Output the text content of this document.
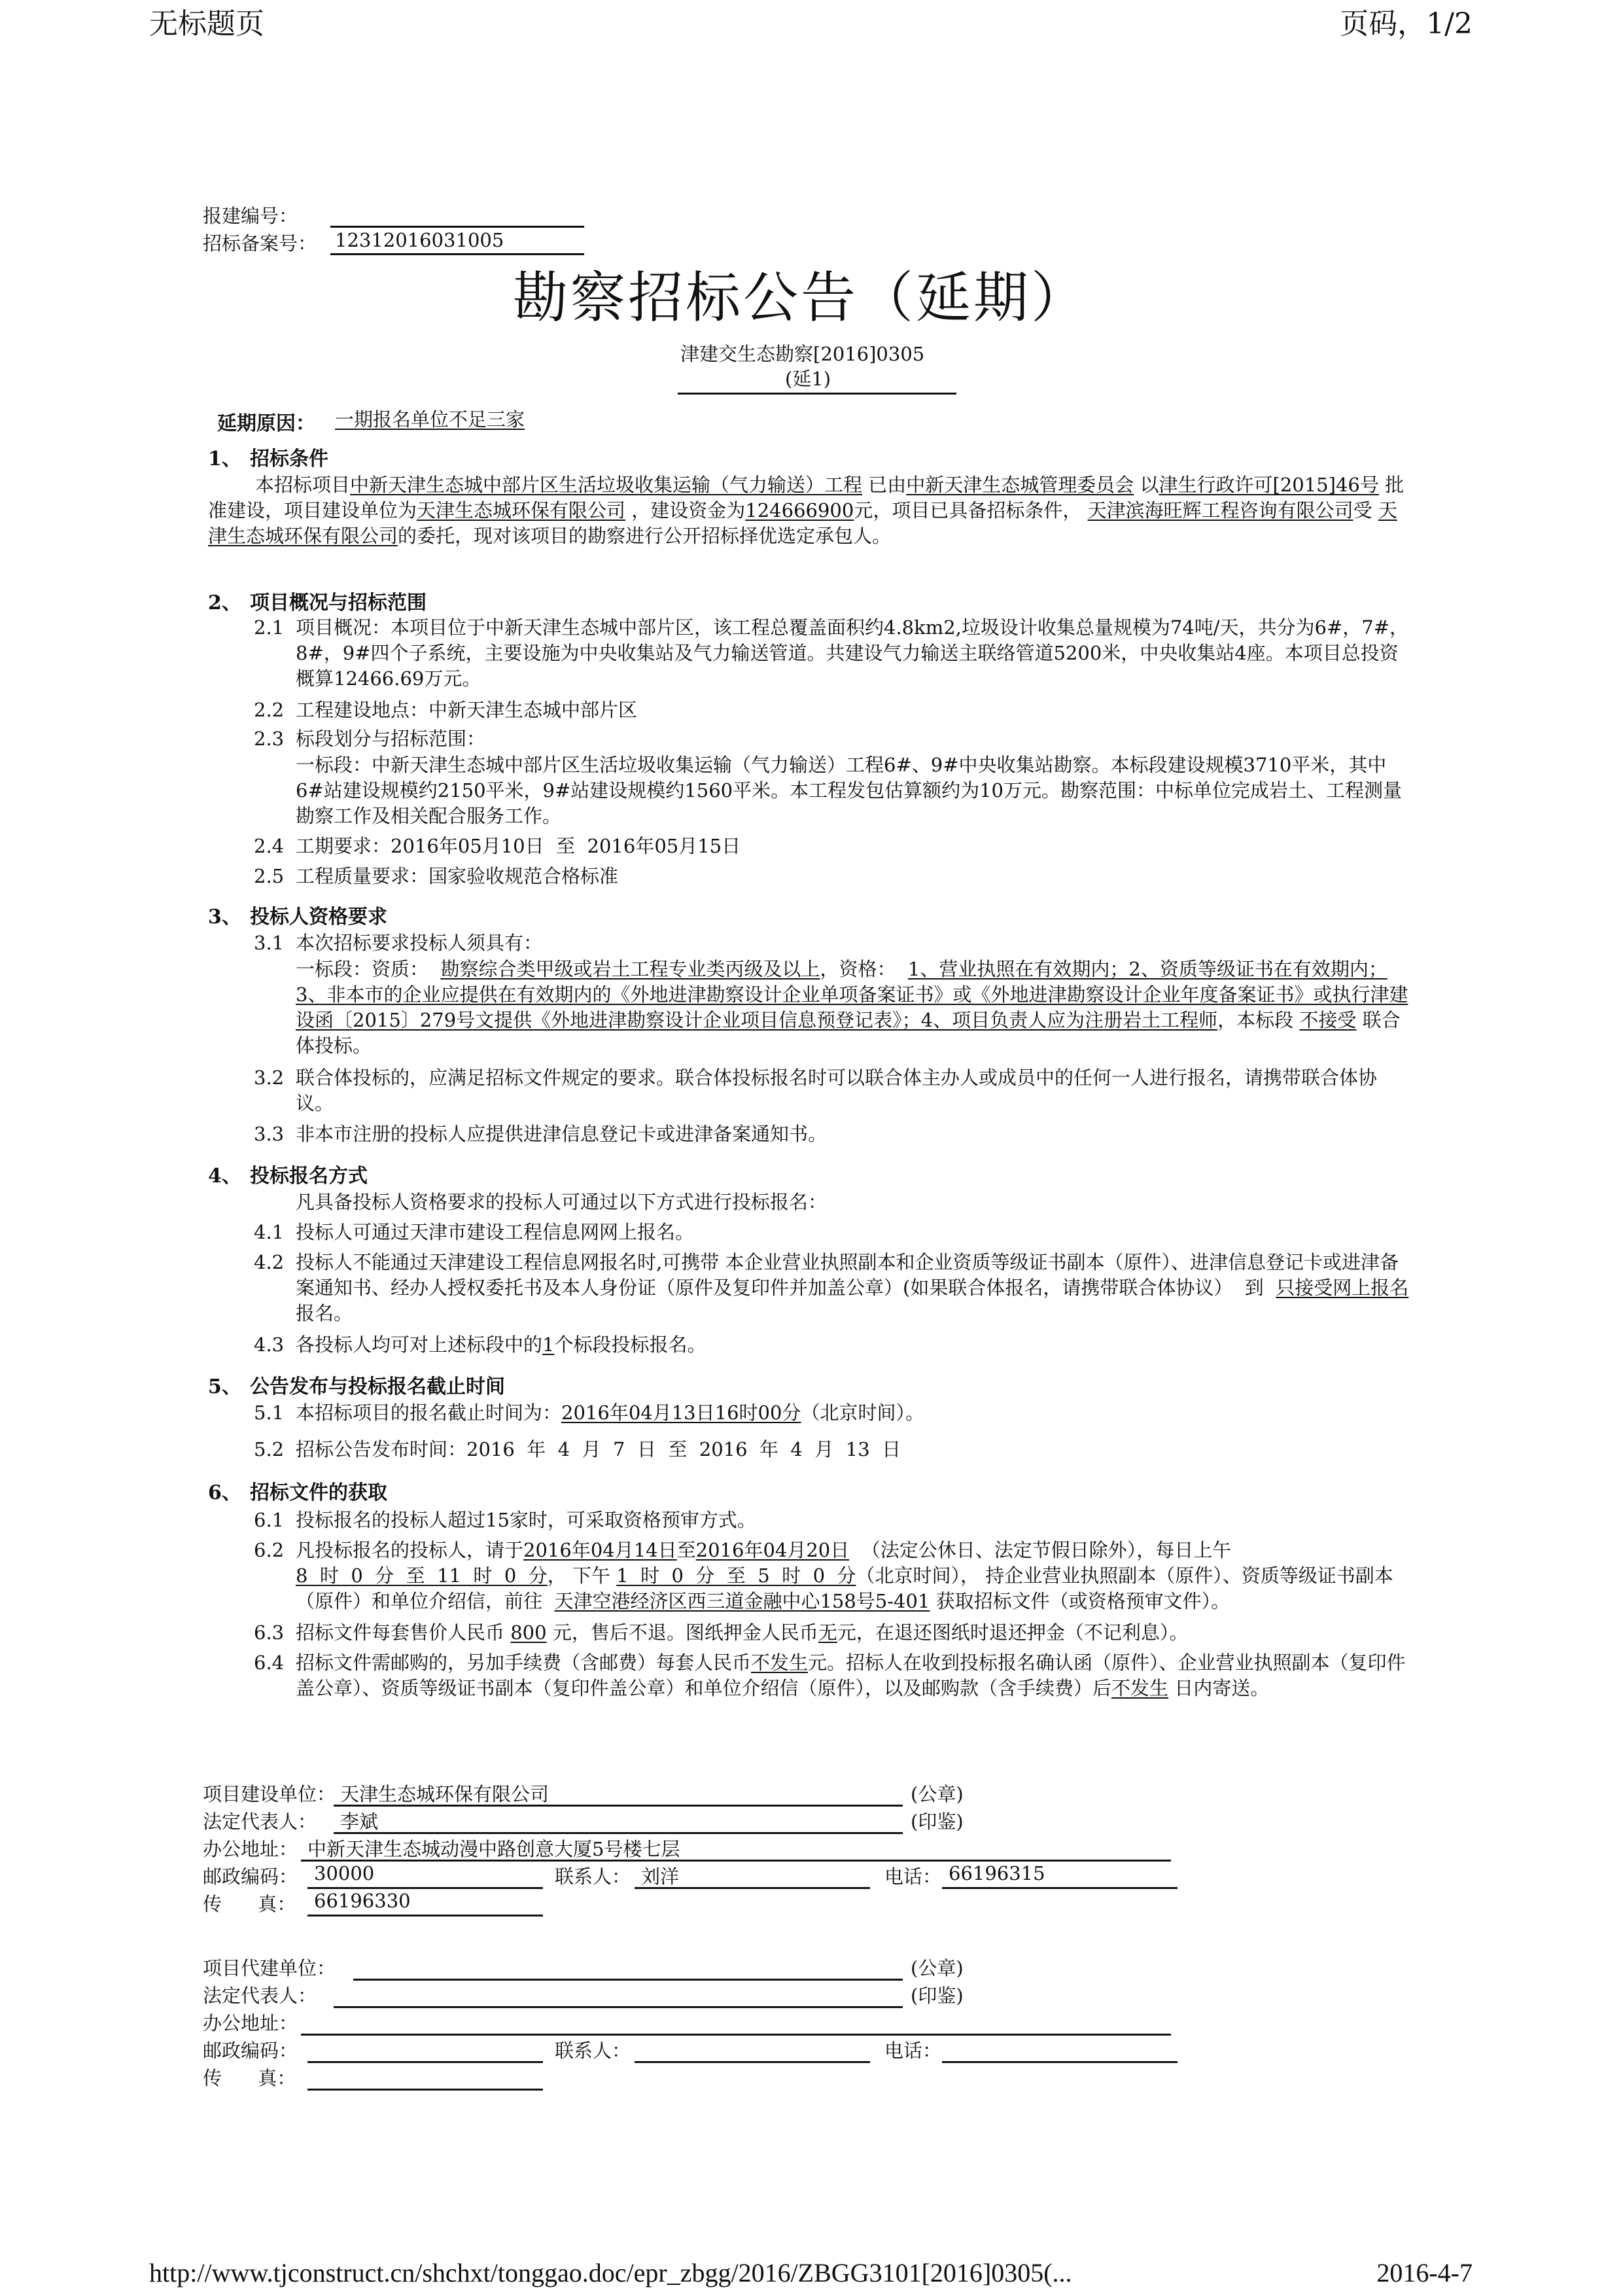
无标题页	页码，1/2
报建编号：
招标备案号： 12312016031005
勘察招标公告（延期）
津建交生态勘察[2016]0305
(延1)
延期原因： 一期报名单位不足三家
1、 招标条件
本招标项目中新天津生态城中部片区生活垃圾收集运输（气力输送）工程 已由中新天津生态城管理委员会 以津生行政许可[2015]46号 批准建设，项目建设单位为天津生态城环保有限公司 ，建设资金为124666900元，项目已具备招标条件， 天津滨海旺辉工程咨询有限公司受 天津生态城环保有限公司的委托，现对该项目的勘察进行公开招标择优选定承包人。
2、 项目概况与招标范围
2.1 项目概况：本项目位于中新天津生态城中部片区，该工程总覆盖面积约4.8km2,垃圾设计收集总量规模为74吨/天，共分为6#，7#，8#，9#四个子系统，主要设施为中央收集站及气力输送管道。共建设气力输送主联络管道5200米，中央收集站4座。本项目总投资概算12466.69万元。
2.2 工程建设地点：中新天津生态城中部片区
2.3 标段划分与招标范围：
一标段：中新天津生态城中部片区生活垃圾收集运输（气力输送）工程6#、9#中央收集站勘察。本标段建设规模3710平米，其中6#站建设规模约2150平米，9#站建设规模约1560平米。本工程发包估算额约为10万元。勘察范围：中标单位完成岩土、工程测量勘察工作及相关配合服务工作。
2.4 工期要求：2016年05月10日 至 2016年05月15日
2.5 工程质量要求：国家验收规范合格标准
3、 投标人资格要求
3.1 本次招标要求投标人须具有：
一标段：资质： 勘察综合类甲级或岩土工程专业类丙级及以上，资格： 1、营业执照在有效期内；2、资质等级证书在有效期内；3、非本市的企业应提供在有效期内的《外地进津勘察设计企业单项备案证书》或《外地进津勘察设计企业年度备案证书》或执行津建设函〔2015〕279号文提供《外地进津勘察设计企业项目信息预登记表》；4、项目负责人应为注册岩土工程师，本标段 不接受 联合体投标。
3.2 联合体投标的，应满足招标文件规定的要求。联合体投标报名时可以联合体主办人或成员中的任何一人进行报名，请携带联合体协议。
3.3 非本市注册的投标人应提供进津信息登记卡或进津备案通知书。
4、 投标报名方式
凡具备投标人资格要求的投标人可通过以下方式进行投标报名：
4.1 投标人可通过天津市建设工程信息网网上报名。
4.2 投标人不能通过天津建设工程信息网报名时,可携带 本企业营业执照副本和企业资质等级证书副本（原件）、进津信息登记卡或进津备案通知书、经办人授权委托书及本人身份证（原件及复印件并加盖公章）(如果联合体报名，请携带联合体协议） 到 只接受网上报名报名。
4.3 各投标人均可对上述标段中的1个标段投标报名。
5、 公告发布与投标报名截止时间
5.1 本招标项目的报名截止时间为：2016年04月13日16时00分（北京时间）。
5.2 招标公告发布时间：2016  年  4  月  7  日  至  2016  年  4  月  13  日
6、 招标文件的获取
6.1 投标报名的投标人超过15家时，可采取资格预审方式。
6.2 凡投标报名的投标人，请于2016年04月14日至2016年04月20日 （法定公休日、法定节假日除外），每日上午8  时  0  分  至  11  时  0  分， 下午 1  时  0  分  至  5  时  0  分（北京时间）， 持企业营业执照副本（原件）、资质等级证书副本（原件）和单位介绍信，前往 天津空港经济区西三道金融中心158号5-401 获取招标文件（或资格预审文件）。
6.3 招标文件每套售价人民币 800 元，售后不退。图纸押金人民币无元，在退还图纸时退还押金（不记利息）。
6.4 招标文件需邮购的，另加手续费（含邮费）每套人民币不发生元。招标人在收到投标报名确认函（原件）、企业营业执照副本（复印件盖公章）、资质等级证书副本（复印件盖公章）和单位介绍信（原件），以及邮购款（含手续费）后不发生 日内寄送。
项目建设单位： 天津生态城环保有限公司	(公章)
法定代表人：	李斌	(印鉴)
办公地址： 中新天津生态城动漫中路创意大厦5号楼七层
邮政编码： 30000	联系人： 刘洋	电话： 66196315
传      真： 66196330
项目代建单位：	(公章)
法定代表人：	(印鉴)
办公地址：
邮政编码：	联系人：	电话：
传      真：
http://www.tjconstruct.cn/shchxt/tonggao.doc/epr_zbgg/2016/ZBGG3101[2016]0305(...	2016-4-7
